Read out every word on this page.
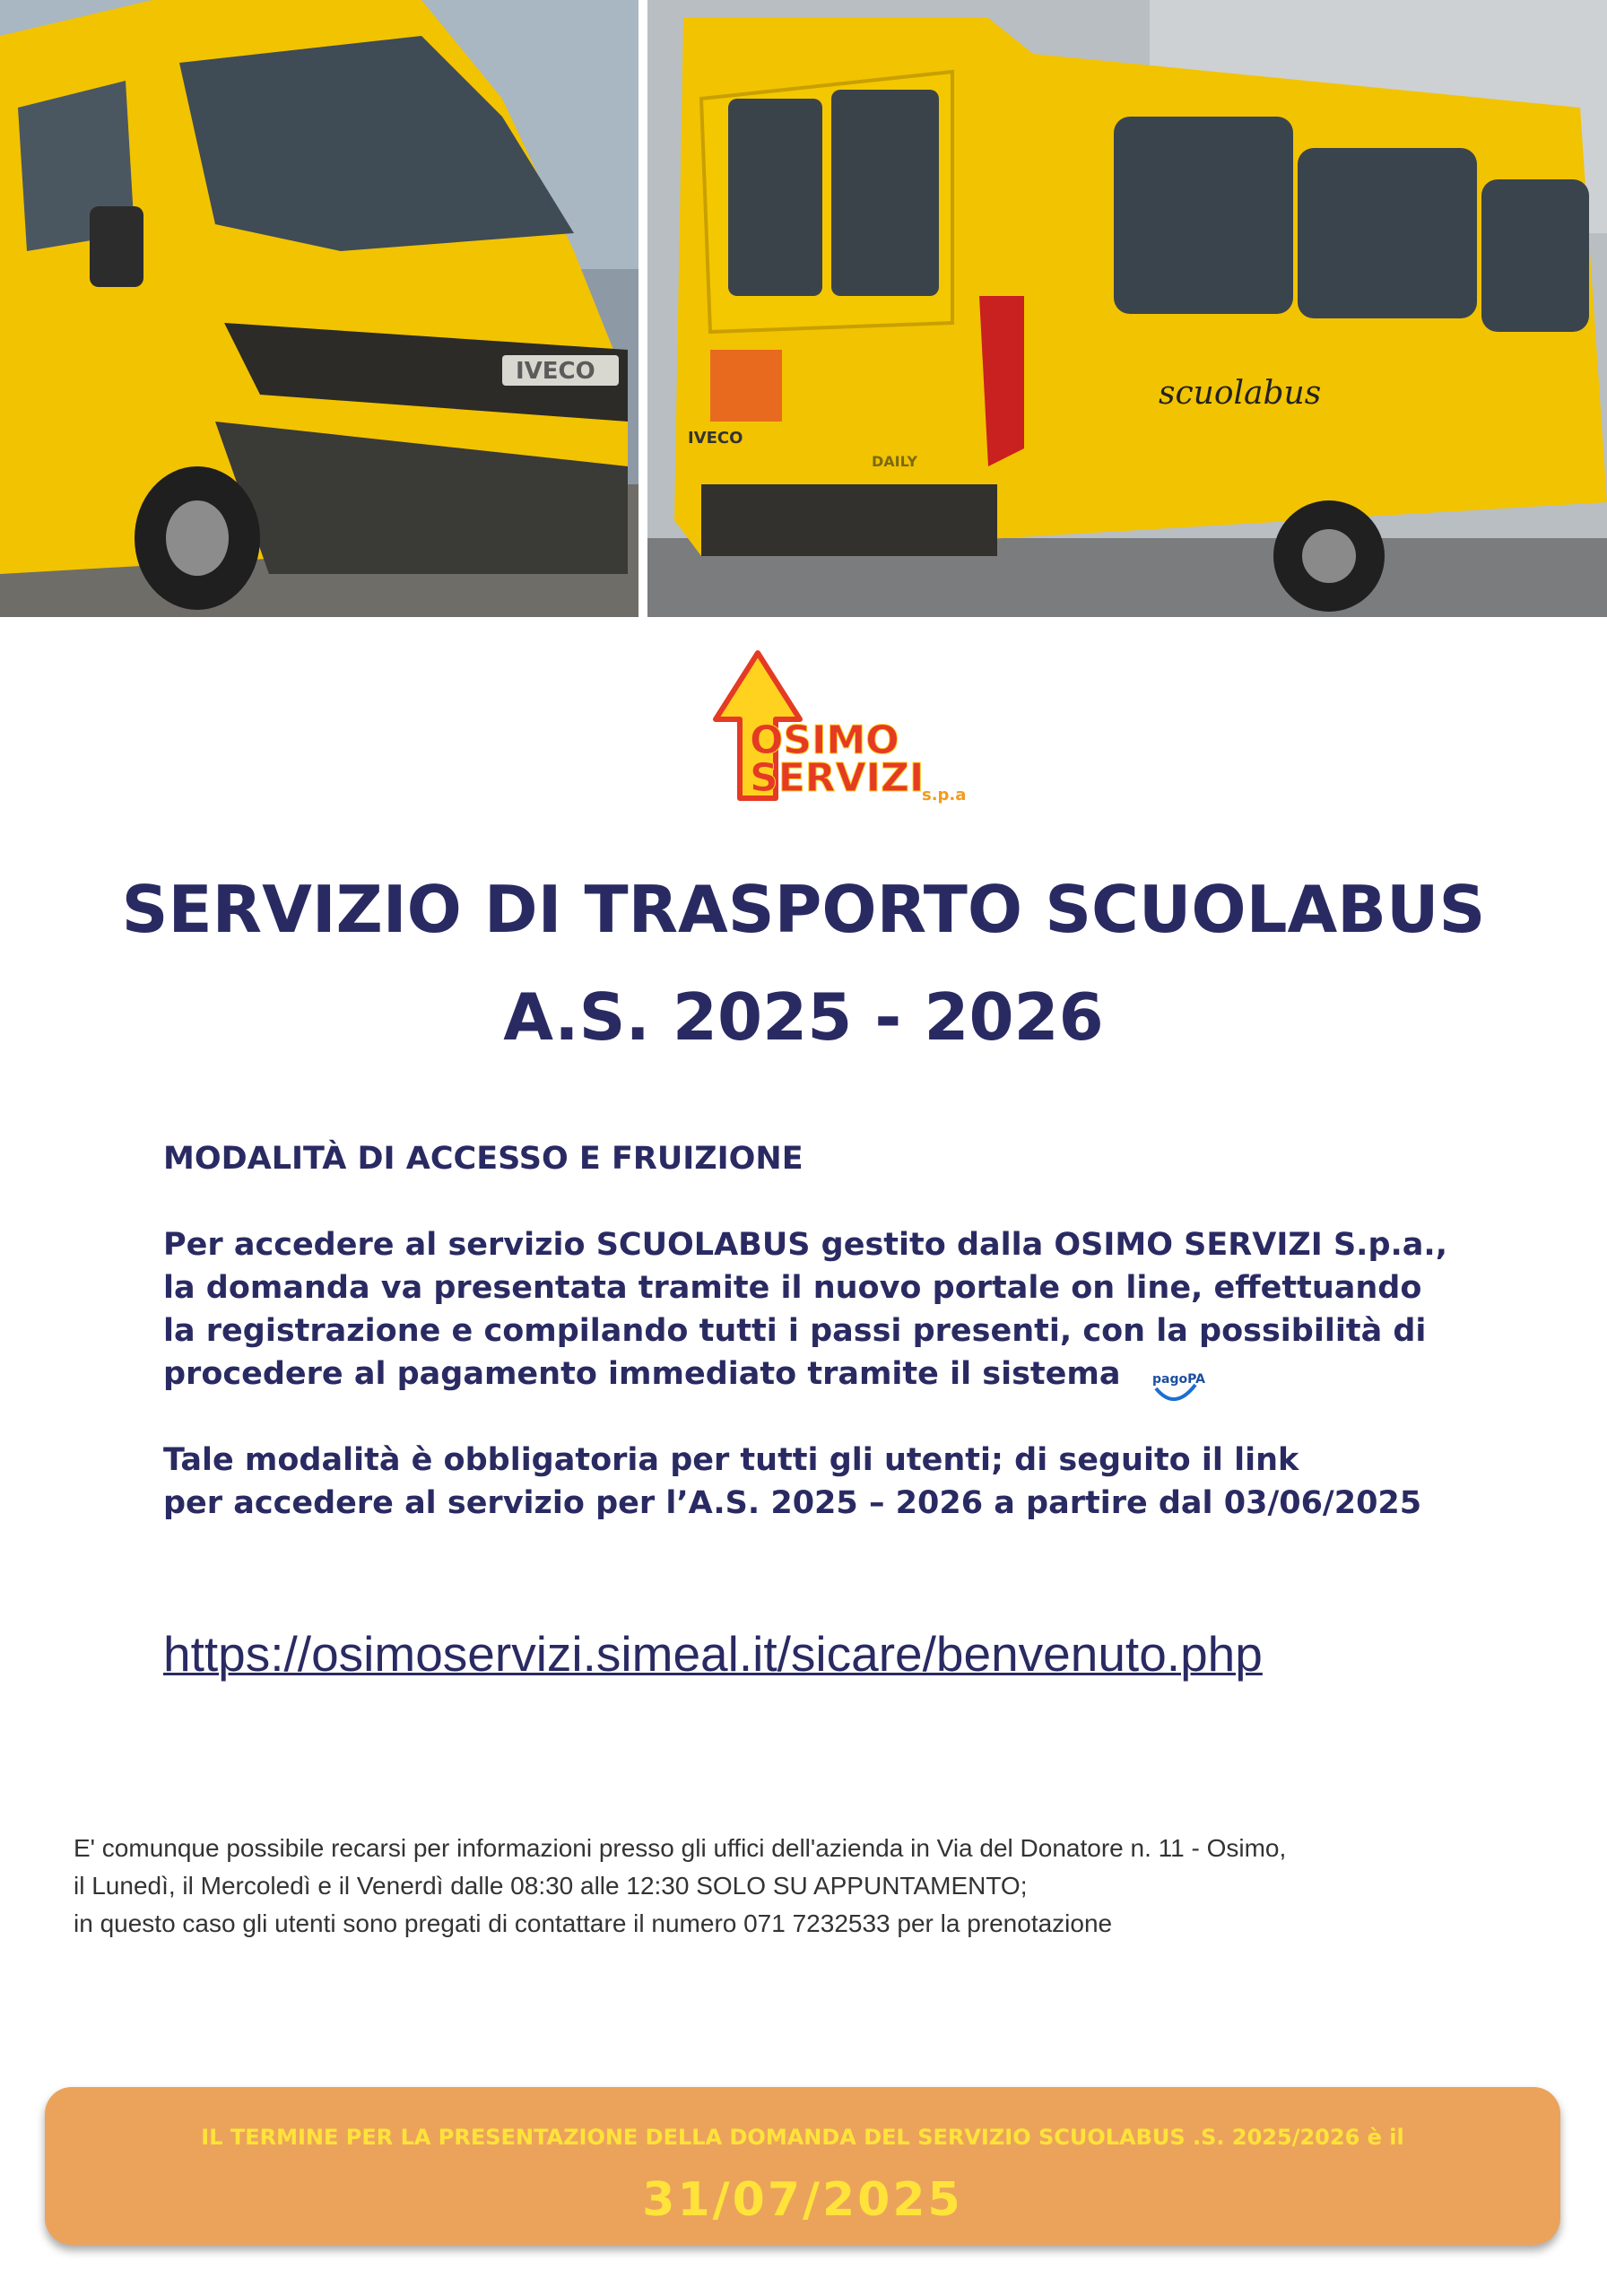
IVECO
IVECO
DAILY
scuolabus
OSIMO
SERVIZI
s.p.a
SERVIZIO DI TRASPORTO SCUOLABUS
A.S. 2025 - 2026
MODALITÀ DI ACCESSO E FRUIZIONE
Per accedere al servizio SCUOLABUS gestito dalla OSIMO SERVIZI S.p.a.,
la domanda va presentata tramite il nuovo portale on line, effettuando
la registrazione e compilando tutti i passi presenti, con la possibilità di
procedere al pagamento immediato tramite il sistema	pagoPA
Tale modalità è obbligatoria per tutti gli utenti; di seguito il link
per accedere al servizio per l’A.S. 2025 – 2026 a partire dal 03/06/2025
https://osimoservizi.simeal.it/sicare/benvenuto.php
E' comunque possibile recarsi per informazioni presso gli uffici dell'azienda in Via del Donatore n. 11 - Osimo,
il Lunedì, il Mercoledì e il Venerdì dalle 08:30 alle 12:30 SOLO SU APPUNTAMENTO;
in questo caso gli utenti sono pregati di contattare il numero 071 7232533 per la prenotazione
IL TERMINE PER LA PRESENTAZIONE DELLA DOMANDA DEL SERVIZIO SCUOLABUS .S. 2025/2026 è il
31/07/2025
